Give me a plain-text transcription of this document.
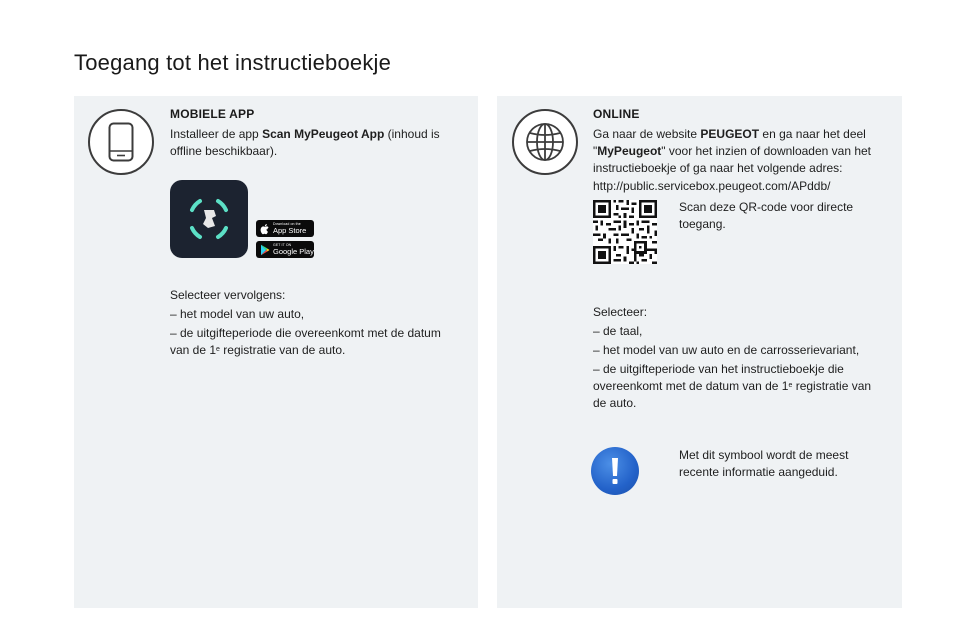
Toegang tot het instructieboekje

MOBIELE APP

Installeer de app Scan MyPeugeot App (inhoud is offline beschikbaar).

Download on the
App Store
GET IT ON
Google Play

Selecteer vervolgens:

– het model van uw auto,

– de uitgifteperiode die overeenkomt met de datum van de 1e registratie van de auto.

ONLINE

Ga naar de website PEUGEOT en ga naar het deel "MyPeugeot" voor het inzien of downloaden van het instructieboekje of ga naar het volgende adres:

http://public.servicebox.peugeot.com/APddb/

Scan deze QR-code voor directe toegang.

Selecteer:

– de taal,

– het model van uw auto en de carrosserievariant,

– de uitgifteperiode van het instructieboekje die overeenkomt met de datum van de 1e registratie van de auto.

Met dit symbool wordt de meest recente informatie aangeduid.
